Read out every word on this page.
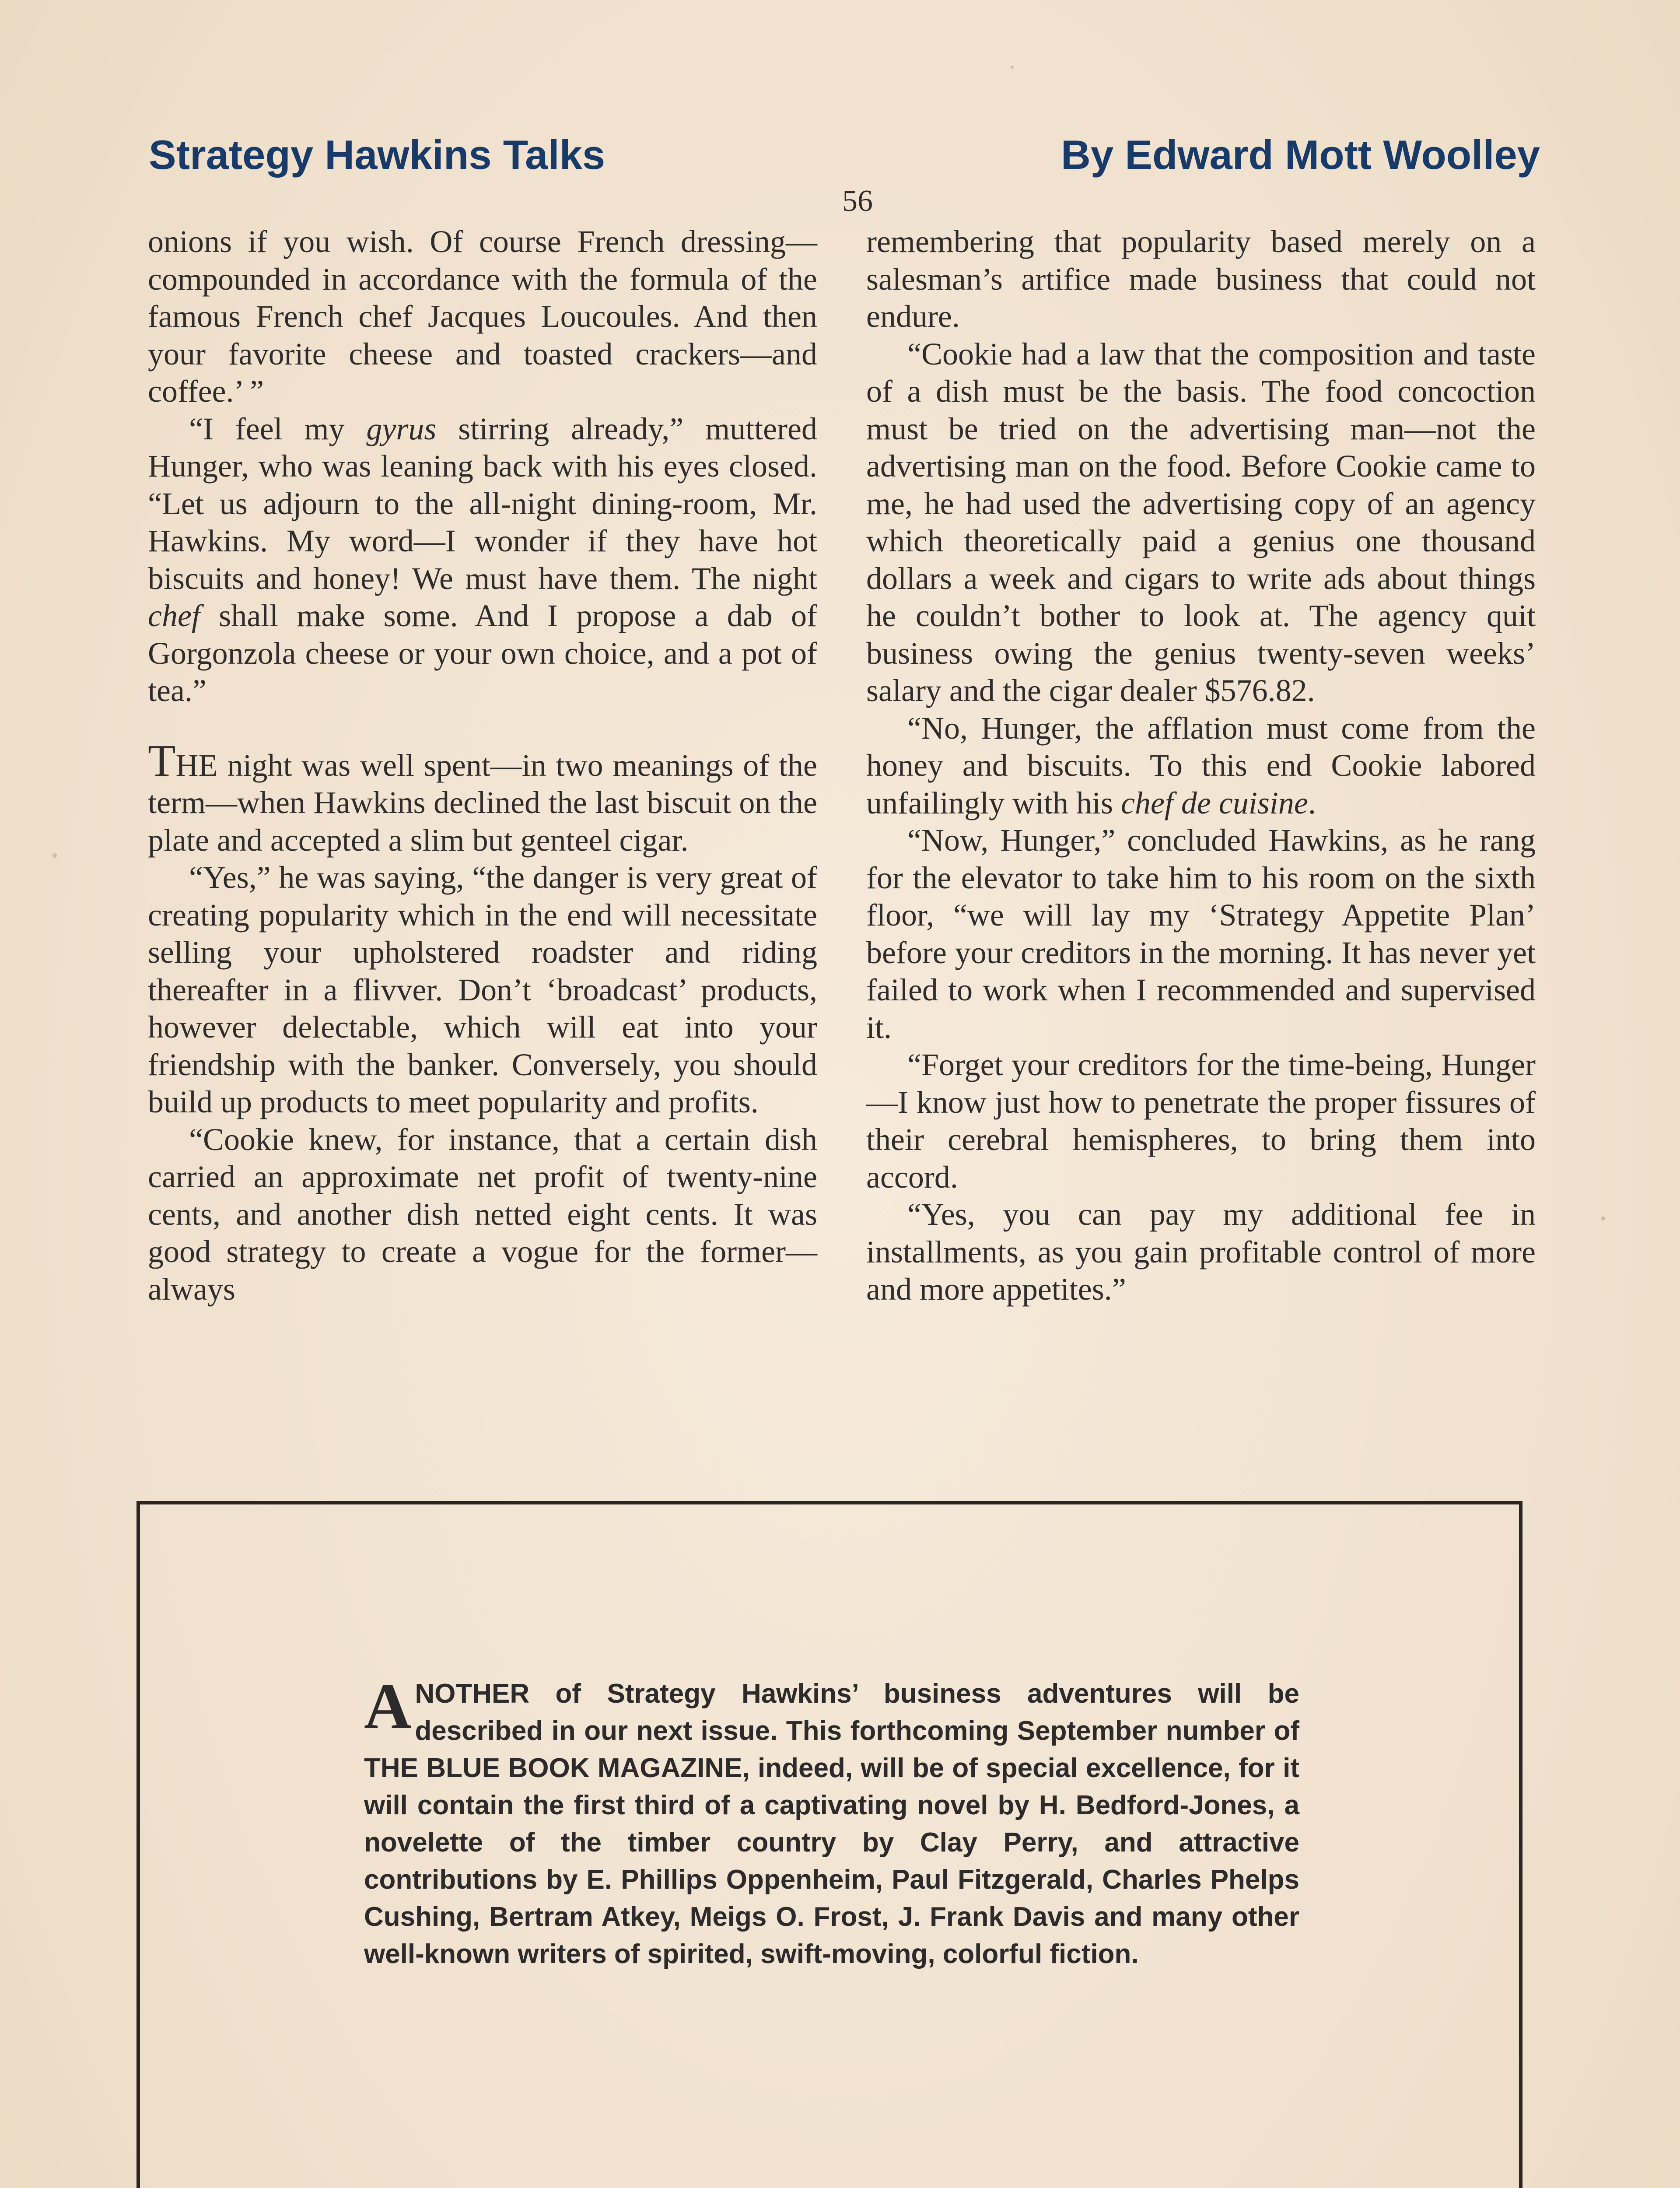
Strategy Hawkins Talks	By Edward Mott Woolley
56

onions if you wish. Of course French dressing—compounded in accordance with the formula of the famous French chef Jacques Loucoules. And then your favorite cheese and toasted crackers—and coffee.’ ”

“I feel my gyrus stirring already,” muttered Hunger, who was leaning back with his eyes closed. “Let us adjourn to the all-night dining-room, Mr. Hawkins. My word—I wonder if they have hot biscuits and honey! We must have them. The night chef shall make some. And I propose a dab of Gorgonzola cheese or your own choice, and a pot of tea.”

THE night was well spent—in two meanings of the term—when Hawkins declined the last biscuit on the plate and accepted a slim but genteel cigar.

“Yes,” he was saying, “the danger is very great of creating popularity which in the end will necessitate selling your upholstered roadster and riding thereafter in a flivver. Don’t ‘broadcast’ products, however delectable, which will eat into your friendship with the banker. Conversely, you should build up products to meet popularity and profits.

“Cookie knew, for instance, that a certain dish carried an approximate net profit of twenty-nine cents, and another dish netted eight cents. It was good strategy to create a vogue for the former—always

remembering that popularity based merely on a salesman’s artifice made business that could not endure.

“Cookie had a law that the composition and taste of a dish must be the basis. The food concoction must be tried on the advertising man—not the advertising man on the food. Before Cookie came to me, he had used the advertising copy of an agency which theoretically paid a genius one thousand dollars a week and cigars to write ads about things he couldn’t bother to look at. The agency quit business owing the genius twenty-seven weeks’ salary and the cigar dealer $576.82.

“No, Hunger, the afflation must come from the honey and biscuits. To this end Cookie labored unfailingly with his chef de cuisine.

“Now, Hunger,” concluded Hawkins, as he rang for the elevator to take him to his room on the sixth floor, “we will lay my ‘Strategy Appetite Plan’ before your creditors in the morning. It has never yet failed to work when I recommended and supervised it.

“Forget your creditors for the time-being, Hunger—I know just how to penetrate the proper fissures of their cerebral hemispheres, to bring them into accord.

“Yes, you can pay my additional fee in installments, as you gain profitable control of more and more appetites.”

ANOTHER of Strategy Hawkins’ business adventures will be described in our next issue. This forthcoming September number of THE BLUE BOOK MAGAZINE, indeed, will be of special excellence, for it will contain the first third of a captivating novel by H. Bedford-Jones, a novelette of the timber country by Clay Perry, and attractive contributions by E. Phillips Oppenheim, Paul Fitzgerald, Charles Phelps Cushing, Bertram Atkey, Meigs O. Frost, J. Frank Davis and many other well-known writers of spirited, swift-moving, colorful fiction.
